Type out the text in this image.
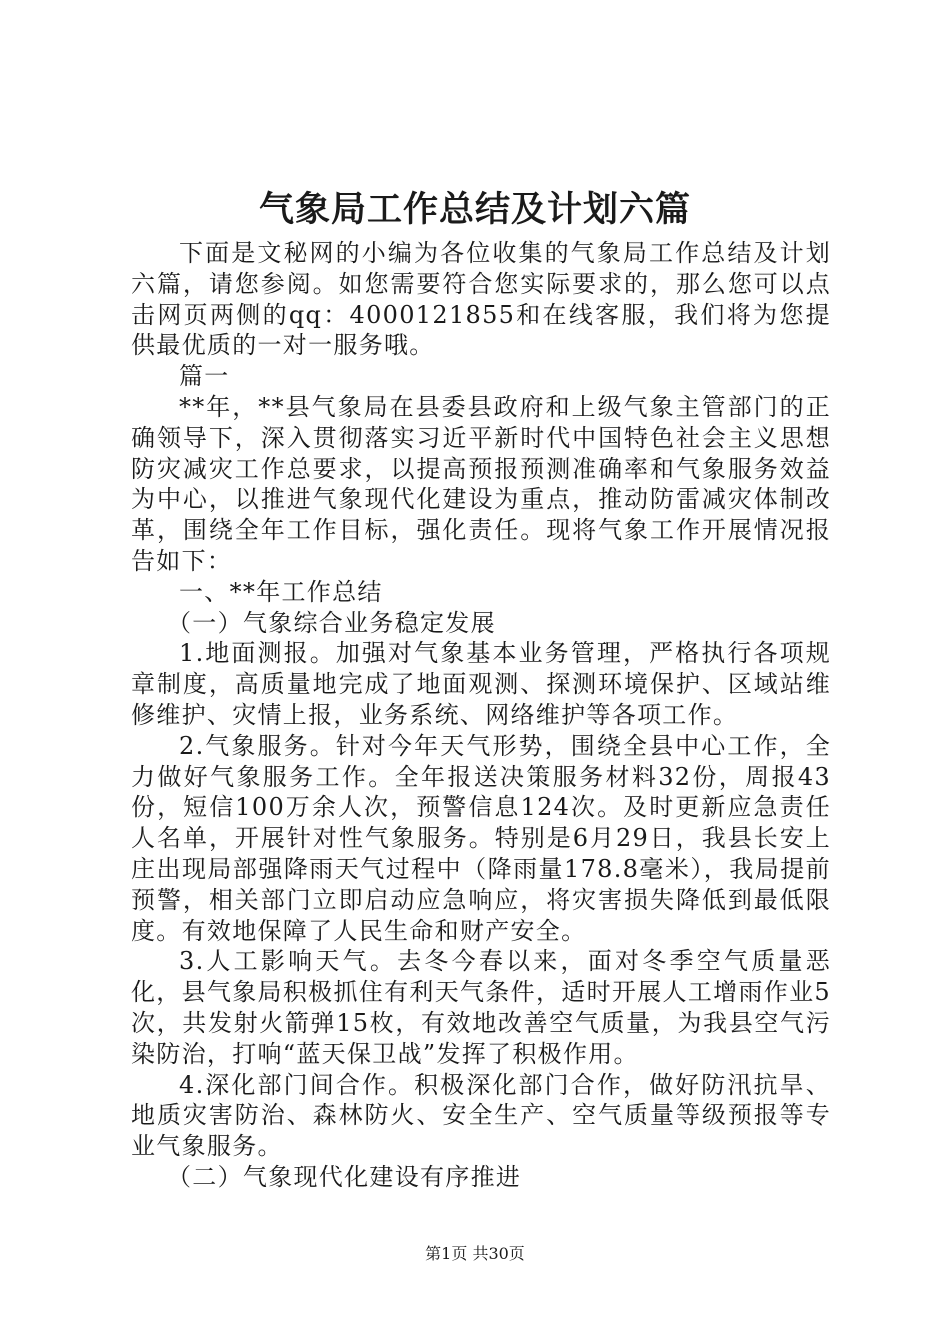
气象局工作总结及计划六篇

下面是文秘网的小编为各位收集的气象局工作总结及计划六篇，请您参阅。如您需要符合您实际要求的，那么您可以点击网页两侧的qq：4000121855和在线客服，我们将为您提供最优质的一对一服务哦。

篇一

**年，**县气象局在县委县政府和上级气象主管部门的正确领导下，深入贯彻落实习近平新时代中国特色社会主义思想防灾减灾工作总要求，以提高预报预测准确率和气象服务效益为中心，以推进气象现代化建设为重点，推动防雷减灾体制改革，围绕全年工作目标，强化责任。现将气象工作开展情况报告如下：

一、**年工作总结

（一）气象综合业务稳定发展

1.地面测报。加强对气象基本业务管理，严格执行各项规章制度，高质量地完成了地面观测、探测环境保护、区域站维修维护、灾情上报，业务系统、网络维护等各项工作。

2.气象服务。针对今年天气形势，围绕全县中心工作，全力做好气象服务工作。全年报送决策服务材料32份，周报43份，短信100万余人次，预警信息124次。及时更新应急责任人名单，开展针对性气象服务。特别是6月29日，我县长安上庄出现局部强降雨天气过程中（降雨量178.8毫米），我局提前预警，相关部门立即启动应急响应，将灾害损失降低到最低限度。有效地保障了人民生命和财产安全。

3.人工影响天气。去冬今春以来，面对冬季空气质量恶化，县气象局积极抓住有利天气条件，适时开展人工增雨作业5次，共发射火箭弹15枚，有效地改善空气质量，为我县空气污染防治，打响“蓝天保卫战”发挥了积极作用。

4.深化部门间合作。积极深化部门合作，做好防汛抗旱、地质灾害防治、森林防火、安全生产、空气质量等级预报等专业气象服务。

（二）气象现代化建设有序推进

第1页 共30页
